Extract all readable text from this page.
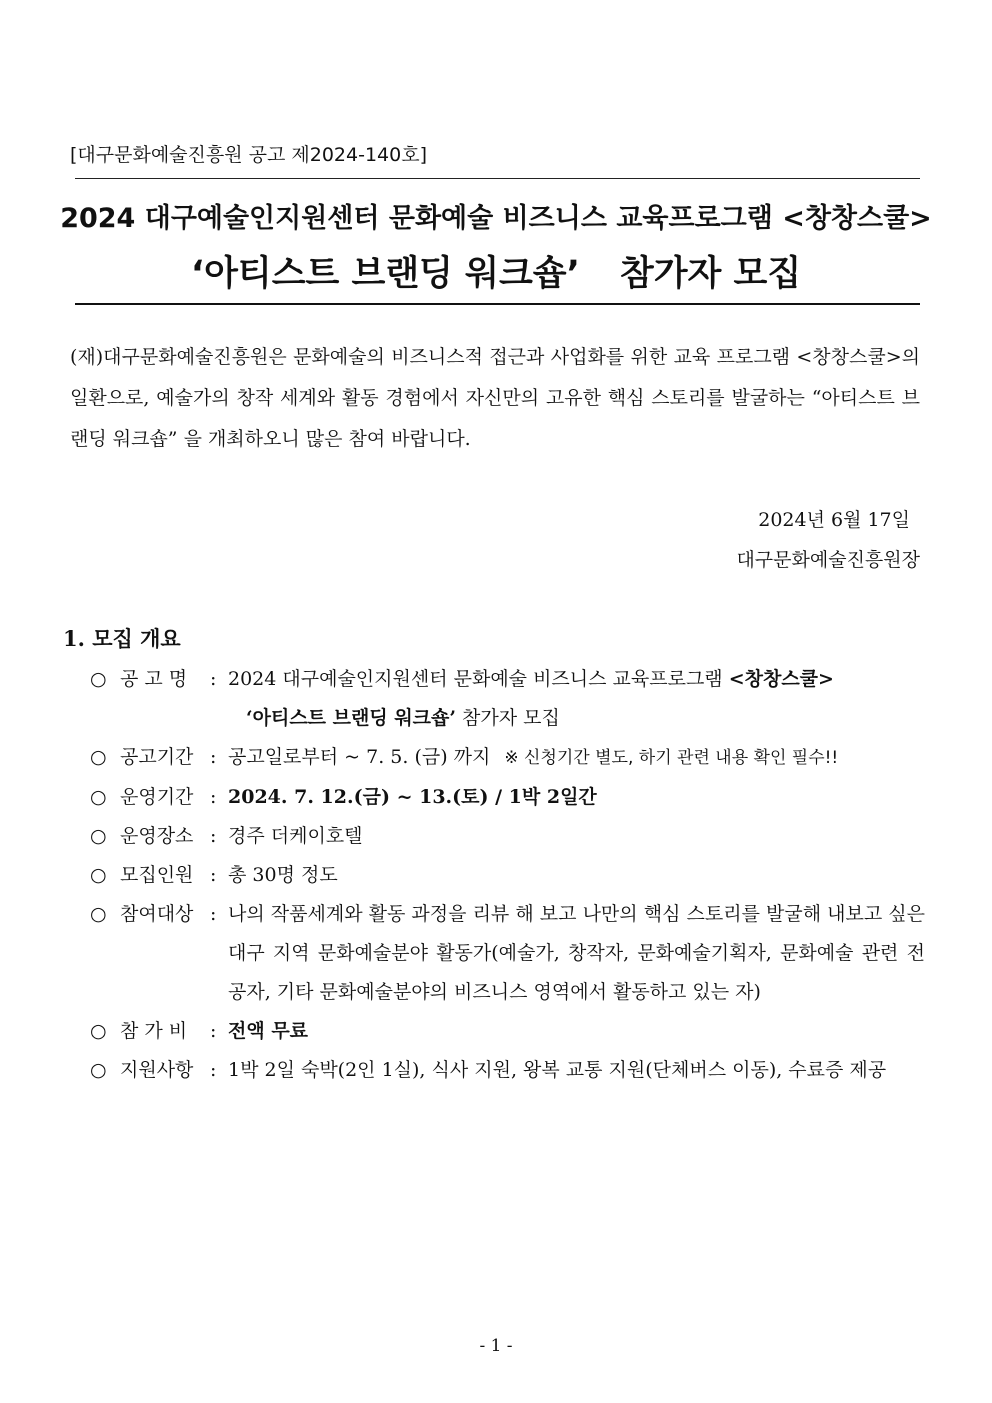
[대구문화예술진흥원 공고 제2024-140호]
2024 대구예술인지원센터 문화예술 비즈니스 교육프로그램 <창창스쿨>
‘아티스트 브랜딩 워크숍’ 참가자 모집
(재)대구문화예술진흥원은 문화예술의 비즈니스적 접근과 사업화를 위한 교육 프로그램 <창창스쿨>의 일환으로, 예술가의 창작 세계와 활동 경험에서 자신만의 고유한 핵심 스토리를 발굴하는 “아티스트 브랜딩 워크숍” 을 개최하오니 많은 참여 바랍니다.
2024년 6월 17일
대구문화예술진흥원장
1. 모집 개요
○ 공 고 명	: 2024 대구예술인지원센터 문화예술 비즈니스 교육프로그램 <창창스쿨>
‘아티스트 브랜딩 워크숍’ 참가자 모집
○ 공고기간 : 공고일로부터 ~ 7. 5. (금) 까지 ※ 신청기간 별도, 하기 관련 내용 확인 필수!!
○ 운영기간 : 2024. 7. 12.(금) ~ 13.(토) / 1박 2일간
○ 운영장소 : 경주 더케이호텔
○ 모집인원 : 총 30명 정도
○ 참여대상 : 나의 작품세계와 활동 과정을 리뷰 해 보고 나만의 핵심 스토리를 발굴해 내보고 싶은 대구 지역 문화예술분야 활동가(예술가, 창작자, 문화예술기획자, 문화예술 관련 전공자, 기타 문화예술분야의 비즈니스 영역에서 활동하고 있는 자)
○ 참 가 비	: 전액 무료
○ 지원사항 : 1박 2일 숙박(2인 1실), 식사 지원, 왕복 교통 지원(단체버스 이동), 수료증 제공
- 1 -
